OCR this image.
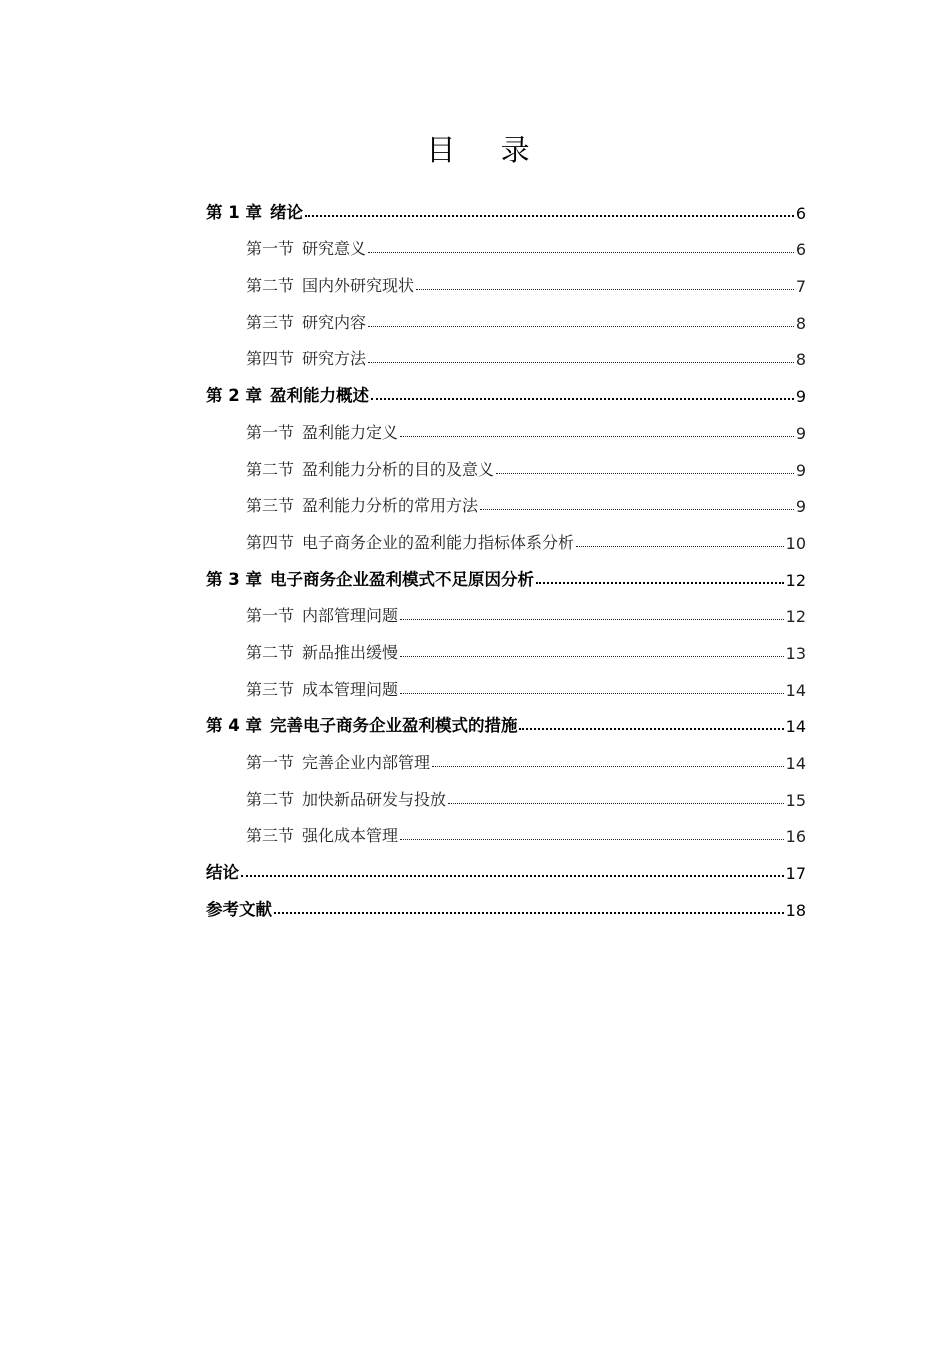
目 录
第 1 章 绪论	6
第一节 研究意义	6
第二节 国内外研究现状	7
第三节 研究内容	8
第四节 研究方法	8
第 2 章 盈利能力概述	9
第一节 盈利能力定义	9
第二节 盈利能力分析的目的及意义	9
第三节 盈利能力分析的常用方法	9
第四节 电子商务企业的盈利能力指标体系分析	10
第 3 章 电子商务企业盈利模式不足原因分析	12
第一节 内部管理问题	12
第二节 新品推出缓慢	13
第三节 成本管理问题	14
第 4 章 完善电子商务企业盈利模式的措施	14
第一节 完善企业内部管理	14
第二节 加快新品研发与投放	15
第三节 强化成本管理	16
结论	17
参考文献	18
